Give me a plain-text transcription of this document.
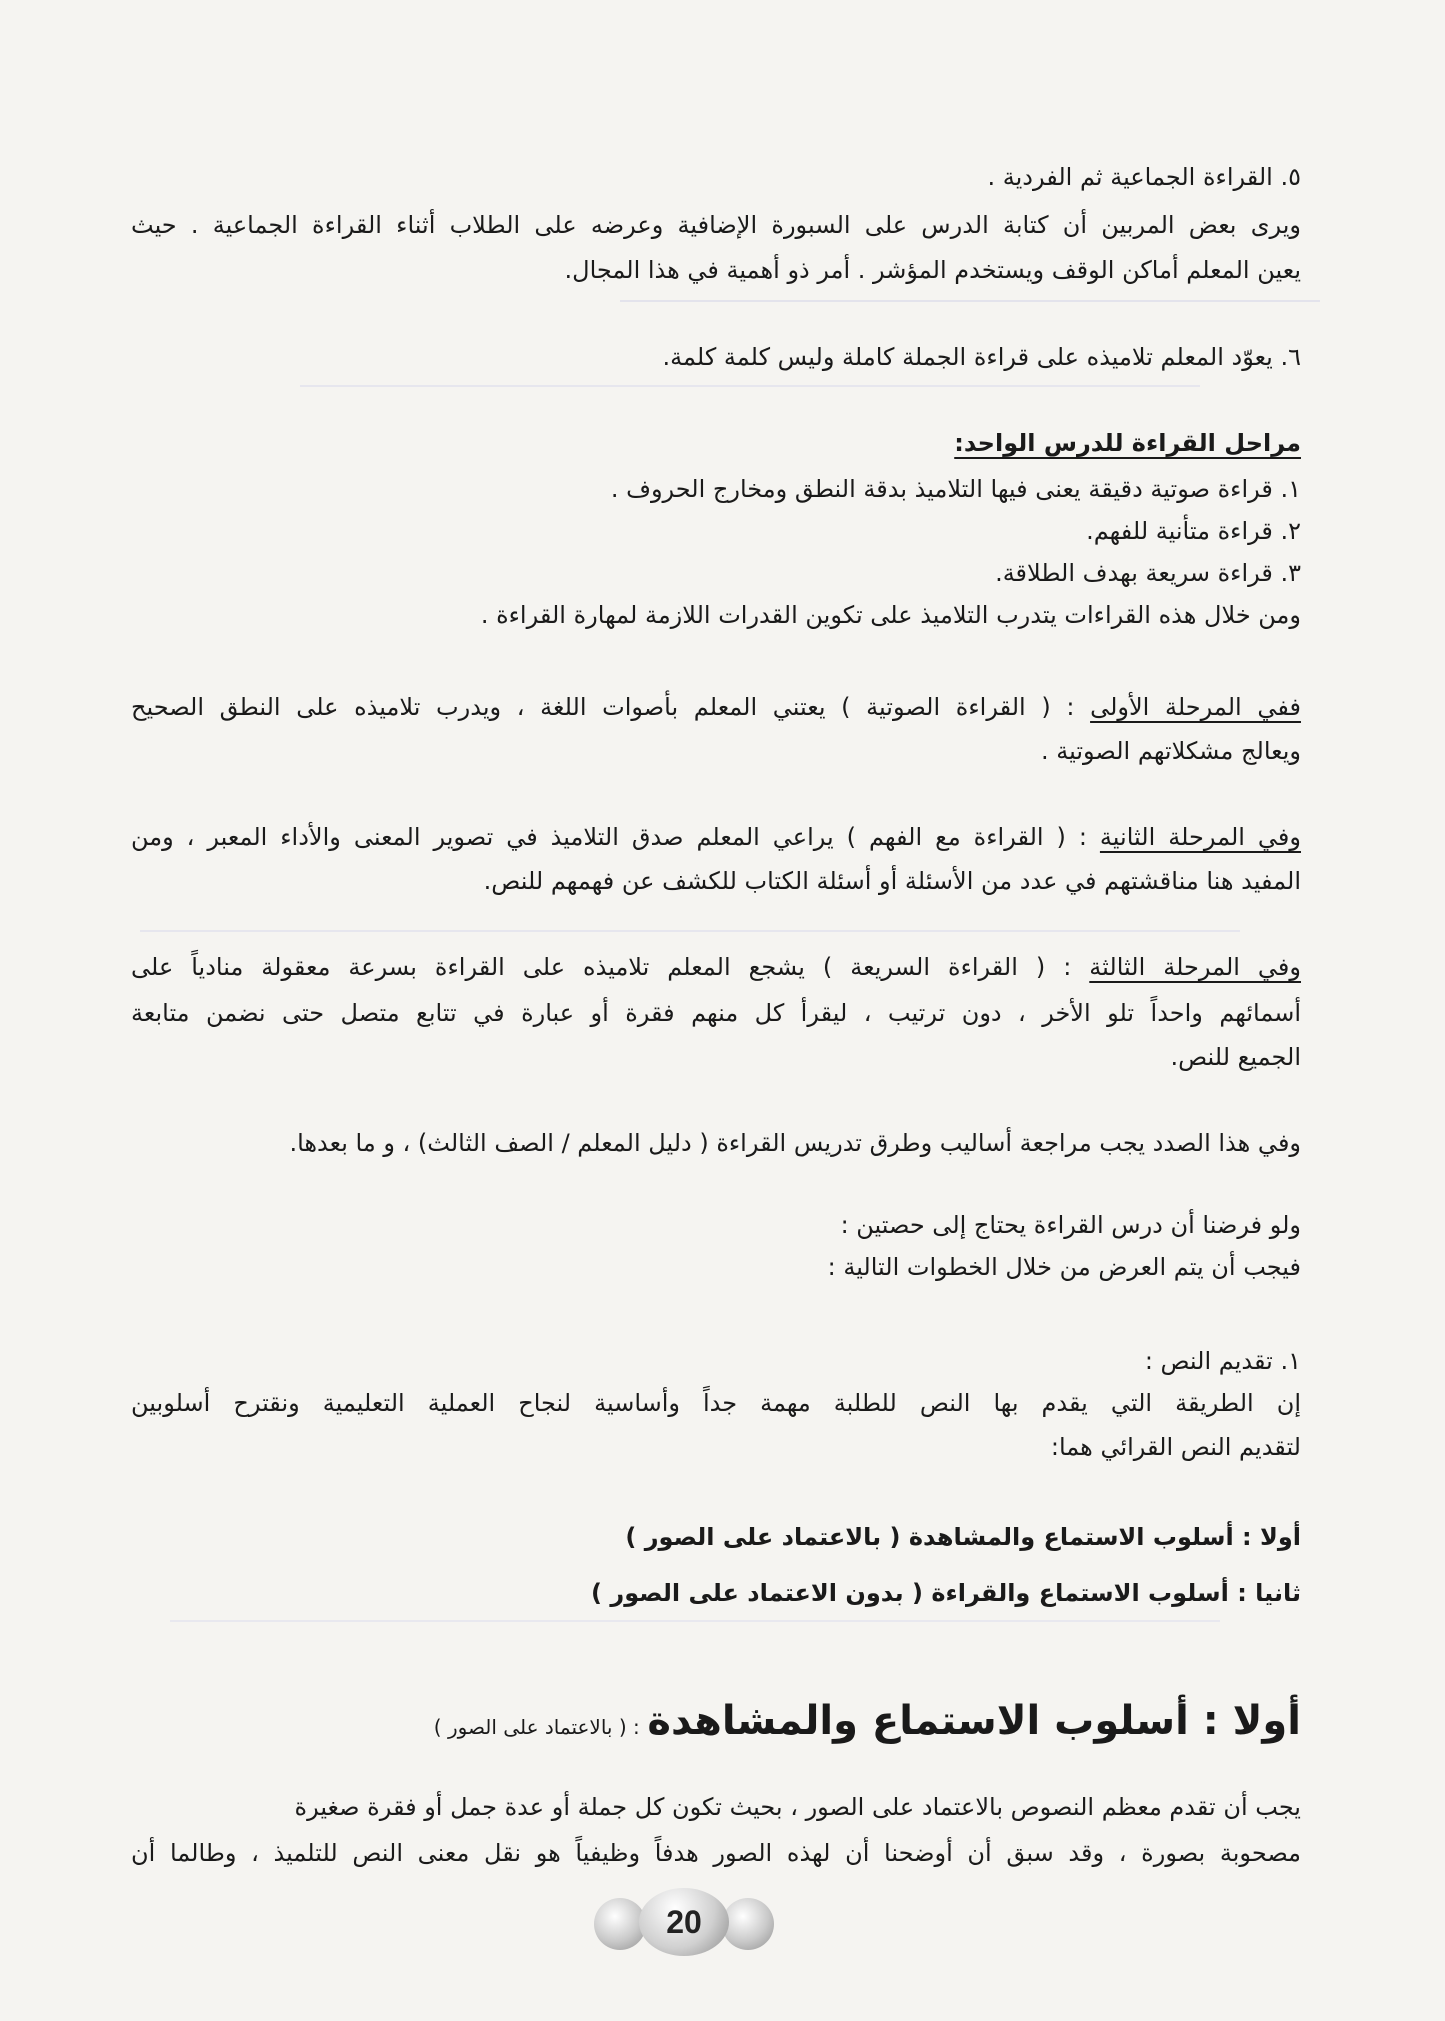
٥. القراءة الجماعية ثم الفردية .
ويرى بعض المربين أن كتابة الدرس على السبورة الإضافية وعرضه على الطلاب أثناء القراءة الجماعية . حيث
يعين المعلم أماكن الوقف ويستخدم المؤشر . أمر ذو أهمية في هذا المجال.
٦. يعوّد المعلم تلاميذه على قراءة الجملة كاملة وليس كلمة كلمة.
مراحل القراءة للدرس الواحد:
١. قراءة صوتية دقيقة يعنى فيها التلاميذ بدقة النطق ومخارج الحروف .
٢. قراءة متأنية للفهم.
٣. قراءة سريعة بهدف الطلاقة.
ومن خلال هذه القراءات يتدرب التلاميذ على تكوين القدرات اللازمة لمهارة القراءة .
ففي المرحلة الأولى : ( القراءة الصوتية ) يعتني المعلم بأصوات اللغة ، ويدرب تلاميذه على النطق الصحيح
ويعالج مشكلاتهم الصوتية .
وفي المرحلة الثانية : ( القراءة مع الفهم ) يراعي المعلم صدق التلاميذ في تصوير المعنى والأداء المعبر ، ومن
المفيد هنا مناقشتهم في عدد من الأسئلة أو أسئلة الكتاب للكشف عن فهمهم للنص.
وفي المرحلة الثالثة : ( القراءة السريعة ) يشجع المعلم تلاميذه على القراءة بسرعة معقولة منادياً على
أسمائهم واحداً تلو الأخر ، دون ترتيب ، ليقرأ كل منهم فقرة أو عبارة في تتابع متصل حتى نضمن متابعة
الجميع للنص.
وفي هذا الصدد يجب مراجعة أساليب وطرق تدريس القراءة ( دليل المعلم / الصف الثالث) ، و ما بعدها.
ولو فرضنا أن درس القراءة يحتاج إلى حصتين :
فيجب أن يتم العرض من خلال الخطوات التالية :
١. تقديم النص :
إن الطريقة التي يقدم بها النص للطلبة مهمة جداً وأساسية لنجاح العملية التعليمية ونقترح أسلوبين
لتقديم النص القرائي هما:
أولا : أسلوب الاستماع والمشاهدة ( بالاعتماد على الصور )
ثانيا : أسلوب الاستماع والقراءة ( بدون الاعتماد على الصور )
أولا : أسلوب الاستماع والمشاهدة : ( بالاعتماد على الصور )
يجب أن تقدم معظم النصوص بالاعتماد على الصور ، بحيث تكون كل جملة أو عدة جمل أو فقرة صغيرة
مصحوبة بصورة ، وقد سبق أن أوضحنا أن لهذه الصور هدفاً وظيفياً هو نقل معنى النص للتلميذ ، وطالما أن
20
